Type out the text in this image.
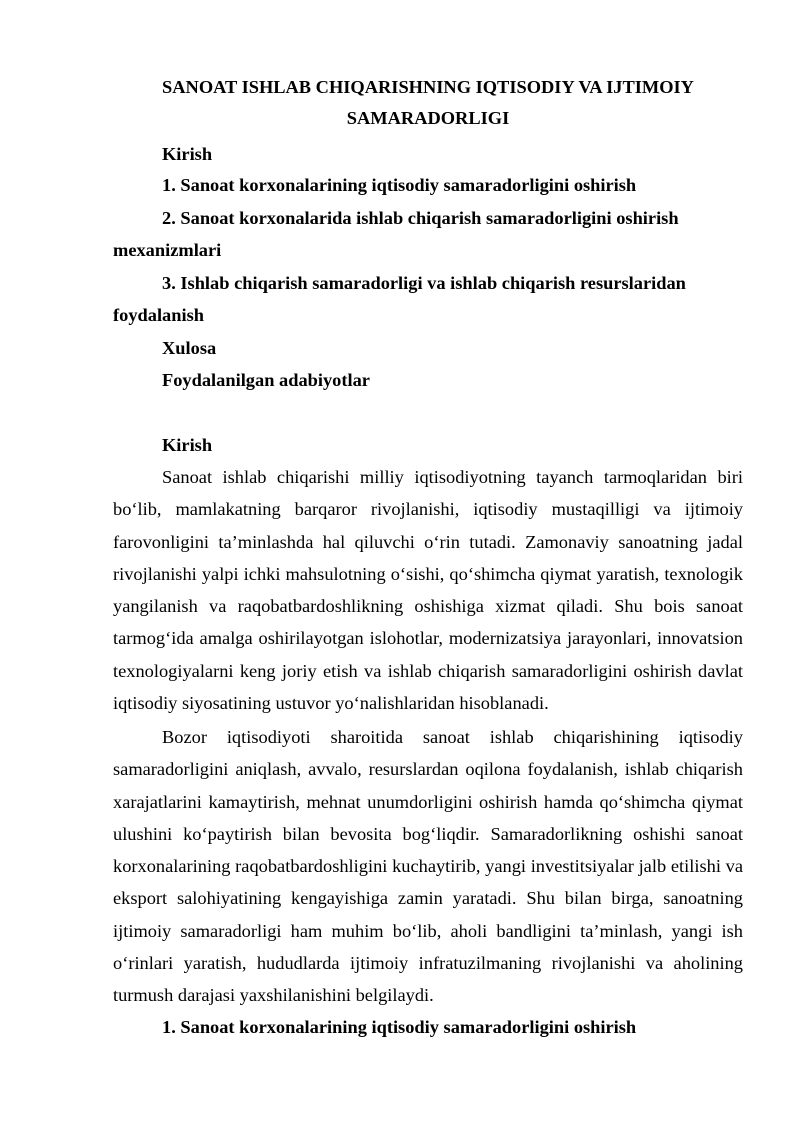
SANOAT ISHLAB CHIQARISHNING IQTISODIY VA IJTIMOIY
SAMARADORLIGI

Kirish

1. Sanoat korxonalarining iqtisodiy samaradorligini oshirish

2. Sanoat korxonalarida ishlab chiqarish samaradorligini oshirish

mexanizmlari

3. Ishlab chiqarish samaradorligi va ishlab chiqarish resurslaridan

foydalanish

Xulosa

Foydalanilgan adabiyotlar

Kirish

Sanoat ishlab chiqarishi milliy iqtisodiyotning tayanch tarmoqlaridan biri bo‘lib, mamlakatning barqaror rivojlanishi, iqtisodiy mustaqilligi va ijtimoiy farovonligini ta’minlashda hal qiluvchi o‘rin tutadi. Zamonaviy sanoatning jadal rivojlanishi yalpi ichki mahsulotning o‘sishi, qo‘shimcha qiymat yaratish, texnologik yangilanish va raqobatbardoshlikning oshishiga xizmat qiladi. Shu bois sanoat tarmog‘ida amalga oshirilayotgan islohotlar, modernizatsiya jarayonlari, innovatsion texnologiyalarni keng joriy etish va ishlab chiqarish samaradorligini oshirish davlat iqtisodiy siyosatining ustuvor yo‘nalishlaridan hisoblanadi.

Bozor iqtisodiyoti sharoitida sanoat ishlab chiqarishining iqtisodiy samaradorligini aniqlash, avvalo, resurslardan oqilona foydalanish, ishlab chiqarish xarajatlarini kamaytirish, mehnat unumdorligini oshirish hamda qo‘shimcha qiymat ulushini ko‘paytirish bilan bevosita bog‘liqdir. Samaradorlikning oshishi sanoat korxonalarining raqobatbardoshligini kuchaytirib, yangi investitsiyalar jalb etilishi va eksport salohiyatining kengayishiga zamin yaratadi. Shu bilan birga, sanoatning ijtimoiy samaradorligi ham muhim bo‘lib, aholi bandligini ta’minlash, yangi ish o‘rinlari yaratish, hududlarda ijtimoiy infratuzilmaning rivojlanishi va aholining turmush darajasi yaxshilanishini belgilaydi.

1. Sanoat korxonalarining iqtisodiy samaradorligini oshirish
